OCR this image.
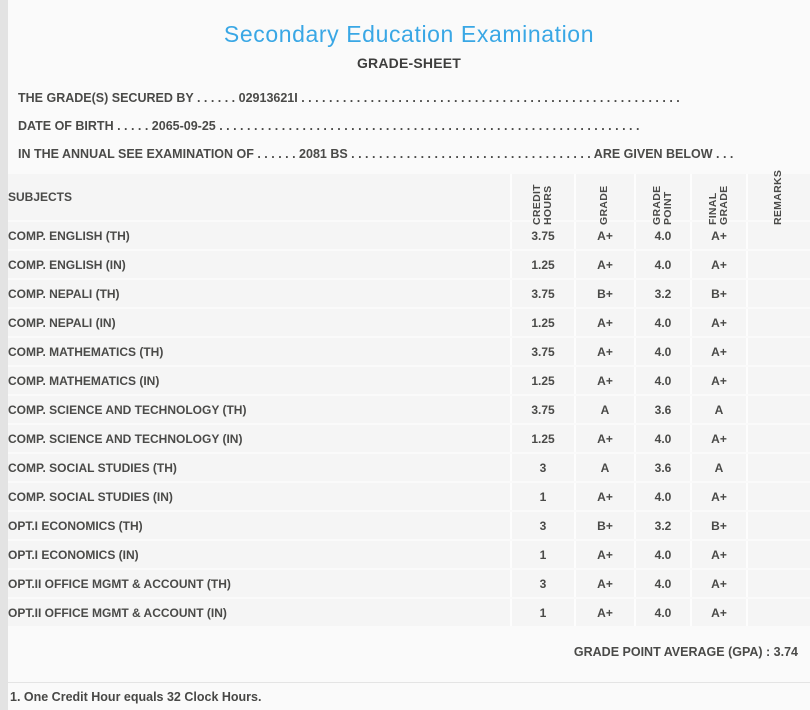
Secondary Education Examination
GRADE-SHEET
THE GRADE(S) SECURED BY . . . . . . 02913621I . . . . . . . . . . . . . . . . . . . . . . . . . . . . . . . . . . . . . . . . . . . . . . . . . . . . . . .
DATE OF BIRTH . . . . . 2065-09-25 . . . . . . . . . . . . . . . . . . . . . . . . . . . . . . . . . . . . . . . . . . . . . . . . . . . . . . . . . . . . .
IN THE ANNUAL SEE EXAMINATION OF . . . . . . 2081 BS . . . . . . . . . . . . . . . . . . . . . . . . . . . . . . . . . . . ARE GIVEN BELOW . . .
SUBJECTS	CREDIT HOURS	GRADE	GRADE POINT	FINAL GRADE	REMARKS

COMP. ENGLISH (TH)	3.75	A+	4.0	A+	
COMP. ENGLISH (IN)	1.25	A+	4.0	A+	
COMP. NEPALI (TH)	3.75	B+	3.2	B+	
COMP. NEPALI (IN)	1.25	A+	4.0	A+	
COMP. MATHEMATICS (TH)	3.75	A+	4.0	A+	
COMP. MATHEMATICS (IN)	1.25	A+	4.0	A+	
COMP. SCIENCE AND TECHNOLOGY (TH)	3.75	A	3.6	A	
COMP. SCIENCE AND TECHNOLOGY (IN)	1.25	A+	4.0	A+	
COMP. SOCIAL STUDIES (TH)	3	A	3.6	A	
COMP. SOCIAL STUDIES (IN)	1	A+	4.0	A+	
OPT.I ECONOMICS (TH)	3	B+	3.2	B+	
OPT.I ECONOMICS (IN)	1	A+	4.0	A+	
OPT.II OFFICE MGMT & ACCOUNT (TH)	3	A+	4.0	A+	
OPT.II OFFICE MGMT & ACCOUNT (IN)	1	A+	4.0	A+	
GRADE POINT AVERAGE (GPA) : 3.74
1. One Credit Hour equals 32 Clock Hours.
